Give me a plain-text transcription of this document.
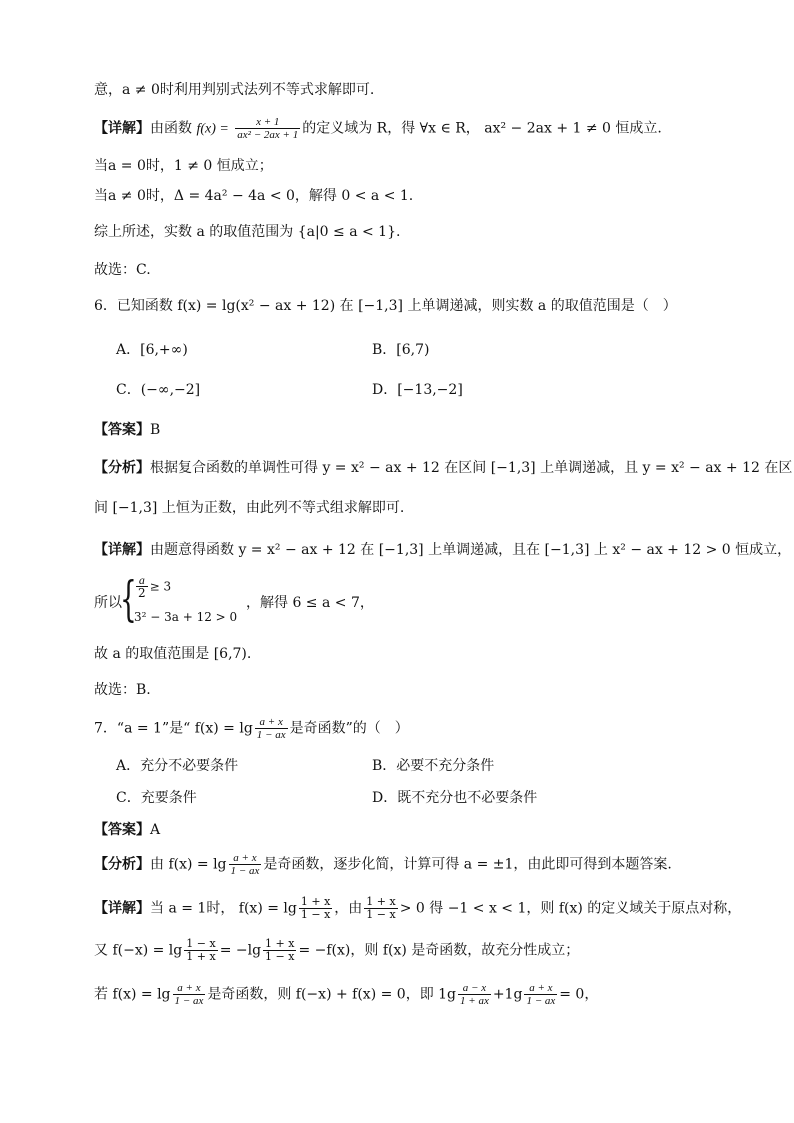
意，a ≠ 0时利用判别式法列不等式求解即可.
【详解】由函数 $f(x) = \frac{x + 1}{\text{ax² − 2ax + 1}}$ 的定义域为 R，得 ∀x ∈ R， ax² − 2ax + 1 ≠ 0 恒成立.
当a = 0时，1 ≠ 0 恒成立；
当a ≠ 0时，Δ = 4a² − 4a < 0，解得 0 < a < 1.
综上所述，实数 a 的取值范围为 {a|0 ≤ a < 1}.
故选：C.
6．已知函数 f(x) = lg(x² − ax + 12) 在 [−1,3] 上单调递减，则实数 a 的取值范围是（　）
A．[6,+∞)	B．[6,7)
C．(−∞,−2]	D．[−13,−2]
【答案】B
【分析】根据复合函数的单调性可得 y = x² − ax + 12 在区间 [−1,3] 上单调递减，且 y = x² − ax + 12 在区
间 [−1,3] 上恒为正数，由此列不等式组求解即可.
【详解】由题意得函数 y = x² − ax + 12 在 [−1,3] 上单调递减，且在 [−1,3] 上 x² − ax + 12 > 0 恒成立，
所以
{ $\frac{a}{2} \ge 3$
3² − 3a + 12 > 0
，解得 6 ≤ a < 7，
故 a 的取值范围是 [6,7).
故选：B.
7．“a = 1”是“ $f(x) = \lg \frac{a + x}{1 - ax}$ 是奇函数”的（　）
A．充分不必要条件	B．必要不充分条件
C．充要条件	D．既不充分也不必要条件
【答案】A
【分析】由 $f(x) = \lg \frac{a + x}{1 - ax}$ 是奇函数，逐步化简，计算可得 a = ±1，由此即可得到本题答案.
【详解】当 a = 1时， $f(x) = \lg \frac{1 + x}{1 - x}$ ，由 $\frac{1 + x}{1 - x} > 0$ 得 −1 < x < 1，则 f(x) 的定义域关于原点对称，
又 $f(-x) = \lg \frac{1 - x}{1 + x} = -\lg \frac{1 + x}{1 - x} = -f(x)$，则 f(x) 是奇函数，故充分性成立；
若 $f(x) = \lg \frac{a + x}{1 - ax}$ 是奇函数，则 f(−x) + f(x) = 0，即 $1g \frac{a - x}{1 + ax} +1g \frac{a + x}{1 - ax} = 0$，
